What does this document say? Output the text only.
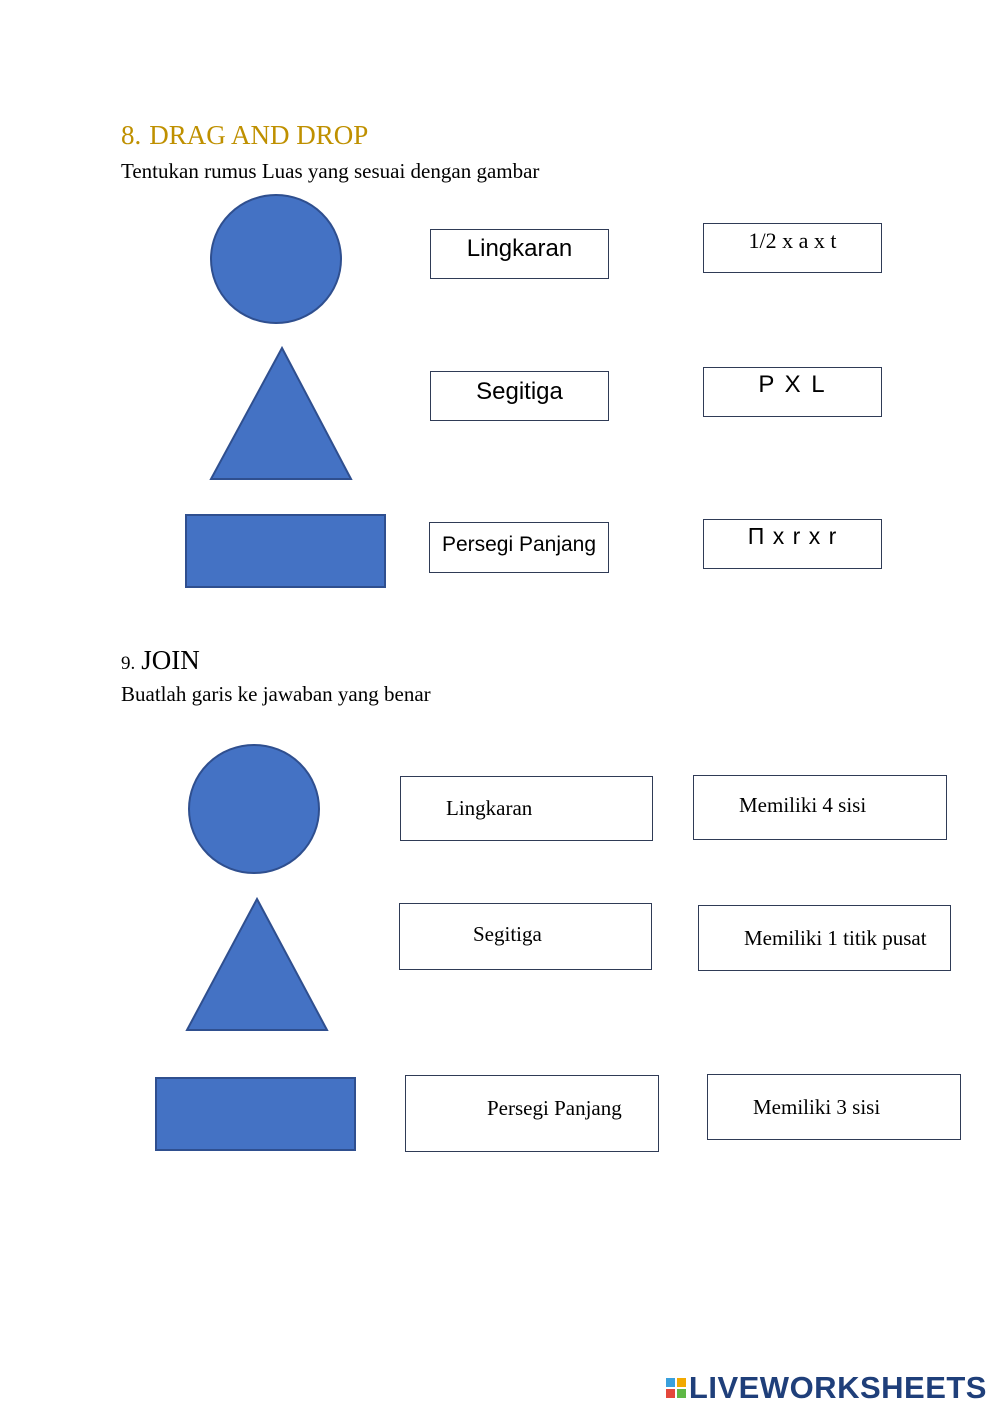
8. DRAG AND DROP
Tentukan rumus Luas yang sesuai dengan gambar
Lingkaran
Segitiga
Persegi Panjang
1/2 x a x t
P X L
Π x r x r
9. JOIN
Buatlah garis ke jawaban yang benar
Lingkaran
Segitiga
Persegi Panjang
Memiliki 4 sisi
Memiliki 1 titik pusat
Memiliki 3 sisi
LIVEWORKSHEETS
